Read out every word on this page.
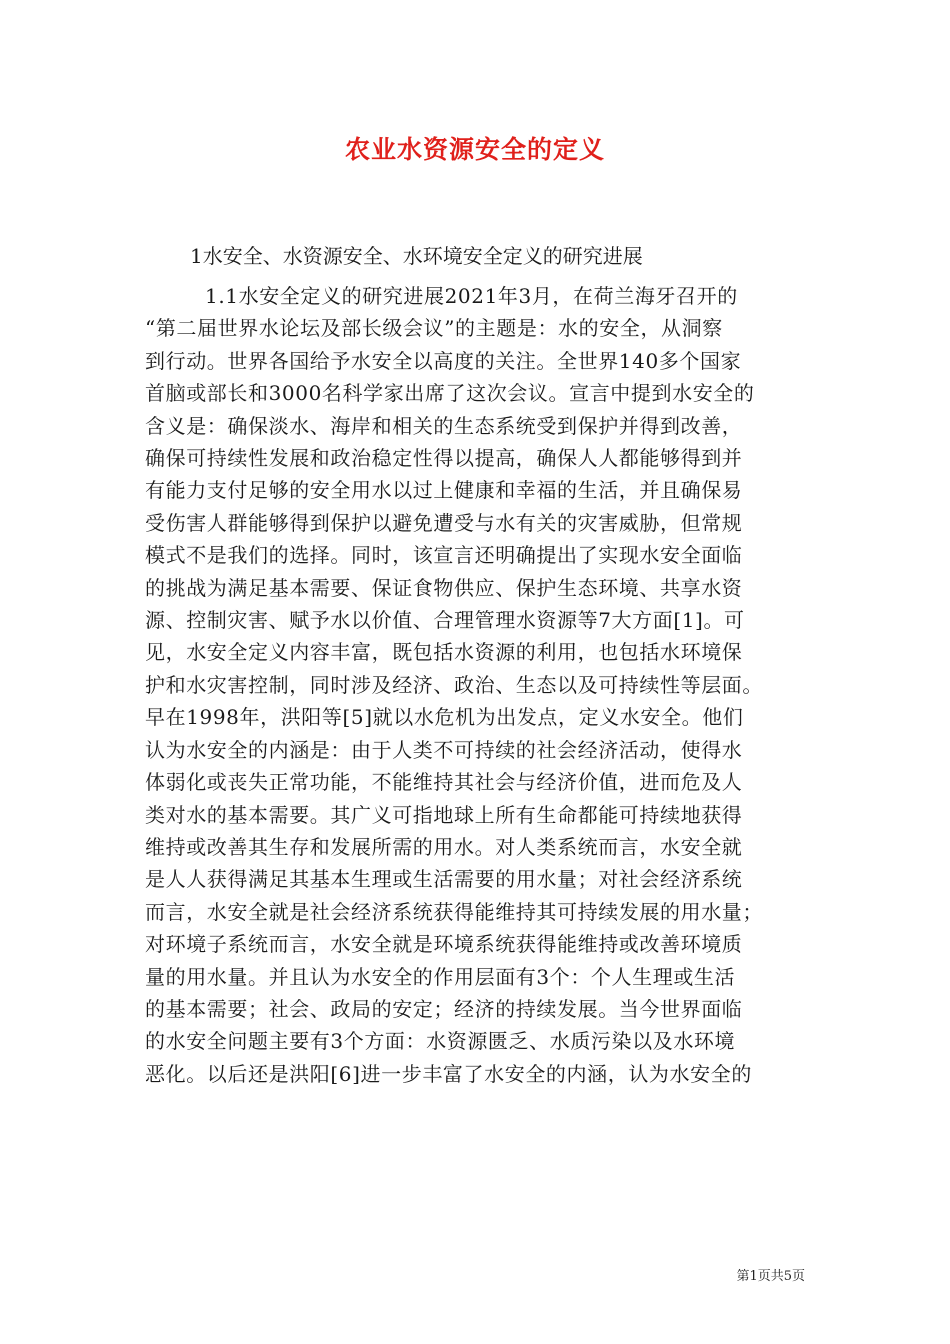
农业水资源安全的定义

1水安全、水资源安全、水环境安全定义的研究进展

1.1水安全定义的研究进展2021年3月，在荷兰海牙召开的
“第二届世界水论坛及部长级会议”的主题是：水的安全，从洞察
到行动。世界各国给予水安全以高度的关注。全世界140多个国家
首脑或部长和3000名科学家出席了这次会议。宣言中提到水安全的
含义是：确保淡水、海岸和相关的生态系统受到保护并得到改善，
确保可持续性发展和政治稳定性得以提高，确保人人都能够得到并
有能力支付足够的安全用水以过上健康和幸福的生活，并且确保易
受伤害人群能够得到保护以避免遭受与水有关的灾害威胁，但常规
模式不是我们的选择。同时，该宣言还明确提出了实现水安全面临
的挑战为满足基本需要、保证食物供应、保护生态环境、共享水资
源、控制灾害、赋予水以价值、合理管理水资源等7大方面[1]。可
见，水安全定义内容丰富，既包括水资源的利用，也包括水环境保
护和水灾害控制，同时涉及经济、政治、生态以及可持续性等层面。
早在1998年，洪阳等[5]就以水危机为出发点，定义水安全。他们
认为水安全的内涵是：由于人类不可持续的社会经济活动，使得水
体弱化或丧失正常功能，不能维持其社会与经济价值，进而危及人
类对水的基本需要。其广义可指地球上所有生命都能可持续地获得
维持或改善其生存和发展所需的用水。对人类系统而言，水安全就
是人人获得满足其基本生理或生活需要的用水量；对社会经济系统
而言，水安全就是社会经济系统获得能维持其可持续发展的用水量；
对环境子系统而言，水安全就是环境系统获得能维持或改善环境质
量的用水量。并且认为水安全的作用层面有3个：个人生理或生活
的基本需要；社会、政局的安定；经济的持续发展。当今世界面临
的水安全问题主要有3个方面：水资源匮乏、水质污染以及水环境
恶化。以后还是洪阳[6]进一步丰富了水安全的内涵，认为水安全的
第1页共5页
